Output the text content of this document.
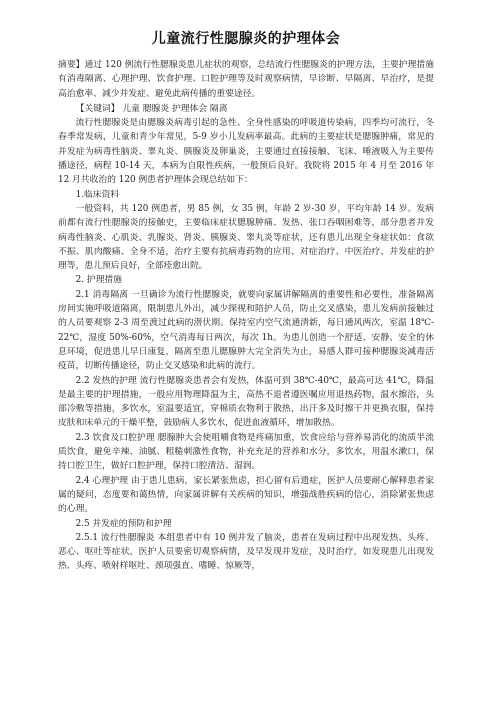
儿童流行性腮腺炎的护理体会

摘要】通过 120 例流行性腮腺炎患儿症状的观察，总结流行性腮腺炎的护理方法，主要护理措施有消毒隔离、心理护理、饮食护理、口腔护理等及时观察病情，早诊断、早隔离、早治疗，是提高治愈率、减少并发症、避免此病传播的重要途径。

【关键词】 儿童 腮腺炎 护理体会 隔离

流行性腮腺炎是由腮腺炎病毒引起的急性、全身性感染的呼吸道传染病，四季均可流行，冬春季常发病，儿童和青少年常见，5-9 岁小儿发病率最高。此病的主要症状是腮腺肿痛，常见的并发症为病毒性脑炎、睾丸炎、胰腺炎及卵巢炎，主要通过直接接触、飞沫、唾液吸入为主要传播途径，病程 10-14 天，本病为自限性疾病，一般预后良好。我院将 2015 年 4 月至 2016 年 12 月共收治的 120 例患者护理体会现总结如下：

1.临床资料

一般资料，共 120 例患者，男 85 例，女 35 例，年龄 2 岁-30 岁，平均年龄 14 岁。发病前都有流行性腮腺炎的接触史，主要临床症状腮腺肿痛、发热、张口吞咽困难等，部分患者并发病毒性脑炎、心肌炎、乳腺炎、肾炎、胰腺炎、睾丸炎等症状，还有患儿出现全身症状如：食欲不振、肌肉酸痛、全身不适，治疗主要有抗病毒药物的应用、对症治疗、中医治疗、并发症的护理等，患儿预后良好，全部痊愈出院。

2. 护理措施

2.1 消毒隔离 一旦确诊为流行性腮腺炎，就要向家属讲解隔离的重要性和必要性，准备隔离房间实施呼吸道隔离，限制患儿外出，减少探视和陪护人员，防止交叉感染，患儿发病前接触过的人员要观察 2-3 周至渡过此病的潜伏期。保持室内空气流通清新，每日通风两次，室温 18℃-22℃，湿度 50%-60%，空气消毒每日两次，每次 1h。为患儿创造一个舒适、安静、安全的休息环境，促进患儿早日康复，隔离至患儿腮腺肿大完全消失为止，易感人群可接种腮腺炎减毒活疫苗，切断传播途径，防止交叉感染和此病的流行。

2.2 发热的护理 流行性腮腺炎患者会有发热，体温可到 38℃-40℃，最高可达 41℃，降温是最主要的护理措施，一般应用物理降温为主，高热不退者遵医嘱应用退热药物，温水擦浴，头部冷敷等措施，多饮水，室温要适宜，穿棉质衣物利于散热，出汗多及时擦干并更换衣服，保持皮肤和床单元的干燥平整，鼓励病人多饮水，促进血液循环，增加散热。

2.3 饮食及口腔护理 腮腺肿大会使咀嚼食物是疼痛加重，饮食应给与营养易消化的流质半流质饮食，避免辛辣、油腻、粗糙刺激性食物，补充充足的营养和水分，多饮水，用温水漱口，保持口腔卫生，做好口腔护理，保持口腔清洁、湿润。

2.4 心理护理 由于患儿患病，家长紧张焦虑，担心留有后遗症，医护人员要耐心解释患者家属的疑问，态度要和蔼热情，向家属讲解有关疾病的知识，增强战胜疾病的信心，消除紧张焦虑的心理。

2.5 并发症的预防和护理

2.5.1 流行性腮腺炎 本组患者中有 10 例并发了脑炎，患者在发病过程中出现发热、头疼、恶心、呕吐等症状，医护人员要密切观察病情，及早发现并发症，及时治疗，如发现患儿出现发热、头疼、喷射样呕吐、颈项强直、嗜睡、惊厥等，
